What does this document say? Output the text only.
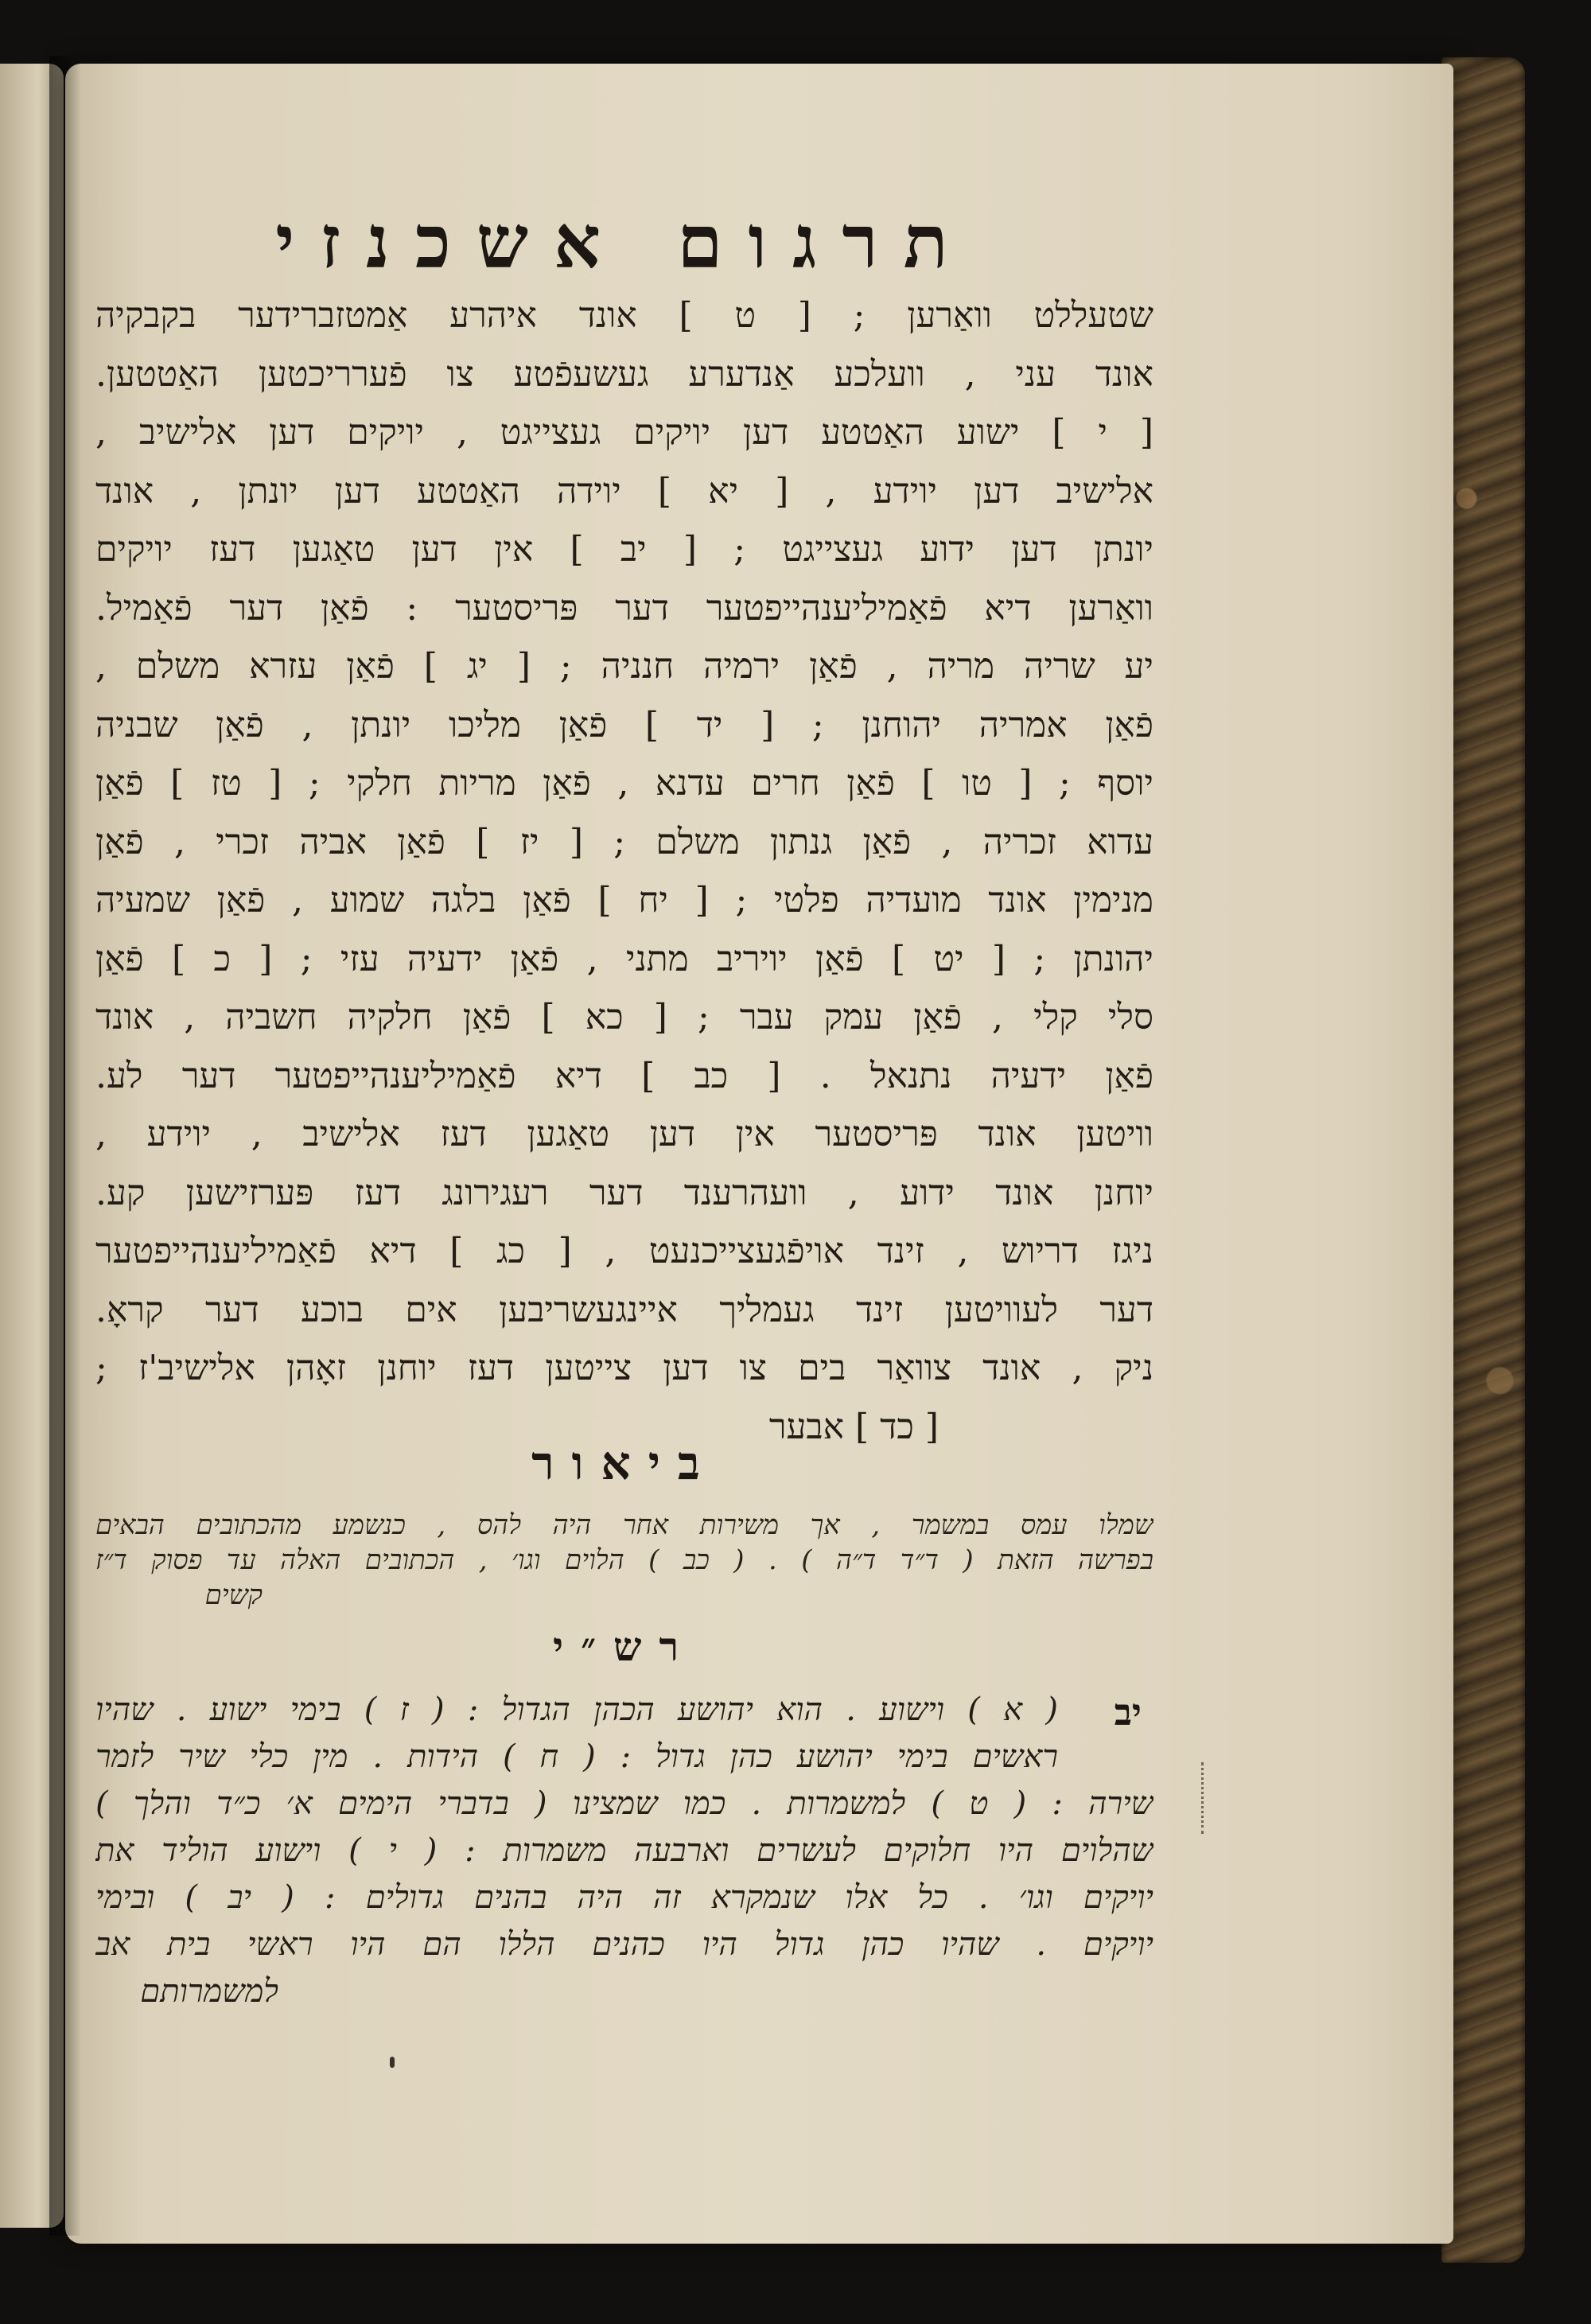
תרגום אשכנזי
שטעללט וואַרען ; [ ט ] אונד איהרע אַמטזברידער בקבקיה
אונד עני , וועלכע אַנדערע געשעפֿטע צו פֿערריכטען האַטטען.
[ י ] ישוע האַטטע דען יויקים געצייגט , יויקים דען אלישיב ,
אלישיב דען יוידע , [ יא ] יוידה האַטטע דען יונתן , אונד
יונתן דען ידוע געצייגט ; [ יב ] אין דען טאַגען דעז יויקים
וואַרען דיא פֿאַמיליענהייפטער דער פּריסטער : פֿאַן דער פֿאַמיל.
יע שריה מריה , פֿאַן ירמיה חנניה ; [ יג ] פֿאַן עזרא משלם ,
פֿאַן אמריה יהוחנן ; [ יד ] פֿאַן מליכו יונתן , פֿאַן שבניה
יוסף ; [ טו ] פֿאַן חרים עדנא , פֿאַן מריות חלקי ; [ טז ] פֿאַן
עדוא זכריה , פֿאַן גנתון משלם ; [ יז ] פֿאַן אביה זכרי , פֿאַן
מנימין אונד מועדיה פלטי ; [ יח ] פֿאַן בלגה שמוע , פֿאַן שמעיה
יהונתן ; [ יט ] פֿאַן יויריב מתני , פֿאַן ידעיה עזי ; [ כ ] פֿאַן
סלי קלי , פֿאַן עמק עבר ; [ כא ] פֿאַן חלקיה חשביה , אונד
פֿאַן ידעיה נתנאל . [ כב ] דיא פֿאַמיליענהייפטער דער לע.
וויטען אונד פּריסטער אין דען טאַגען דעז אלישיב , יוידע ,
יוחנן אונד ידוע , וועהרענד דער רעגירונג דעז פּערזישען קע.
ניגז דריוש , זינד אויפֿגעצייכנעט , [ כג ] דיא פֿאַמיליענהייפטער
דער לעוויטען זינד געמליך איינגעשריבען אים בוכע דער קראָ.
ניק , אונד צוואַר בים צו דען צייטען דעז יוחנן זאָהן אלישיב'ז ;
[ כד ] אבער
ביאור
שמלו עמס במשמר , אך משירות אחר היה להס , כנשמע מהכתובים הבאים
בפרשה הזאת ( ד״ד ד״ה ) . ( כב ) הלוים וגו׳ , הכתובים האלה עד פסוק ד״ז
קשים
רש״י
יב
( א ) וישוע . הוא יהושע הכהן הגדול : ( ז ) בימי ישוע . שהיו
ראשים בימי יהושע כהן גדול : ( ח ) הידות . מין כלי שיר לזמר
שירה : ( ט ) למשמרות . כמו שמצינו ( בדברי הימים א׳ כ״ד והלך )
שהלוים היו חלוקים לעשרים וארבעה משמרות : ( י ) וישוע הוליד את
יויקים וגו׳ . כל אלו שנמקרא זה היה בהנים גדולים : ( יב ) ובימי
יויקים . שהיו כהן גדול היו כהנים הללו הם היו ראשי בית אב
למשמרותם
